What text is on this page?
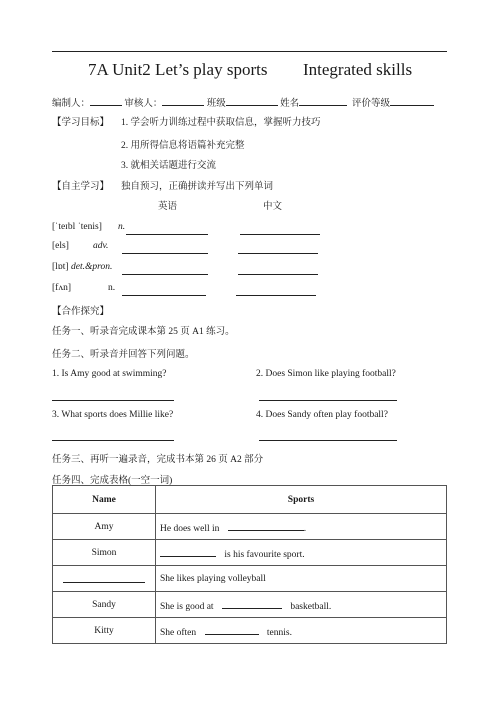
7A Unit2 Let’s play sports Integrated skills
编制人：	审核人：	班级	姓名	评价等级
【学习目标】 1. 学会听力训练过程中获取信息，掌握听力技巧
2. 用所得信息将语篇补充完整
3. 就相关话题进行交流
【自主学习】 独自预习，正确拼读并写出下列单词
英语	中文
[ˈteɪbl ˈtenis] n.
[els]	adv.
[lɒt] det.&pron.
[fʌn]	n.
【合作探究】
任务一、听录音完成课本第 25 页 A1 练习。
任务二、听录音并回答下列问题。
1. Is Amy good at swimming?	2. Does Simon like playing football?
3. What sports does Millie like?	4. Does Sandy often play football?
任务三、再听一遍录音，完成书本第 26 页 A2 部分
任务四、完成表格(一空一词)
Name	Sports
Amy	He does well in .
Simon	is his favourite sport.
	She likes playing volleyball
Sandy	She is good at basketball.
Kitty	She often tennis.
